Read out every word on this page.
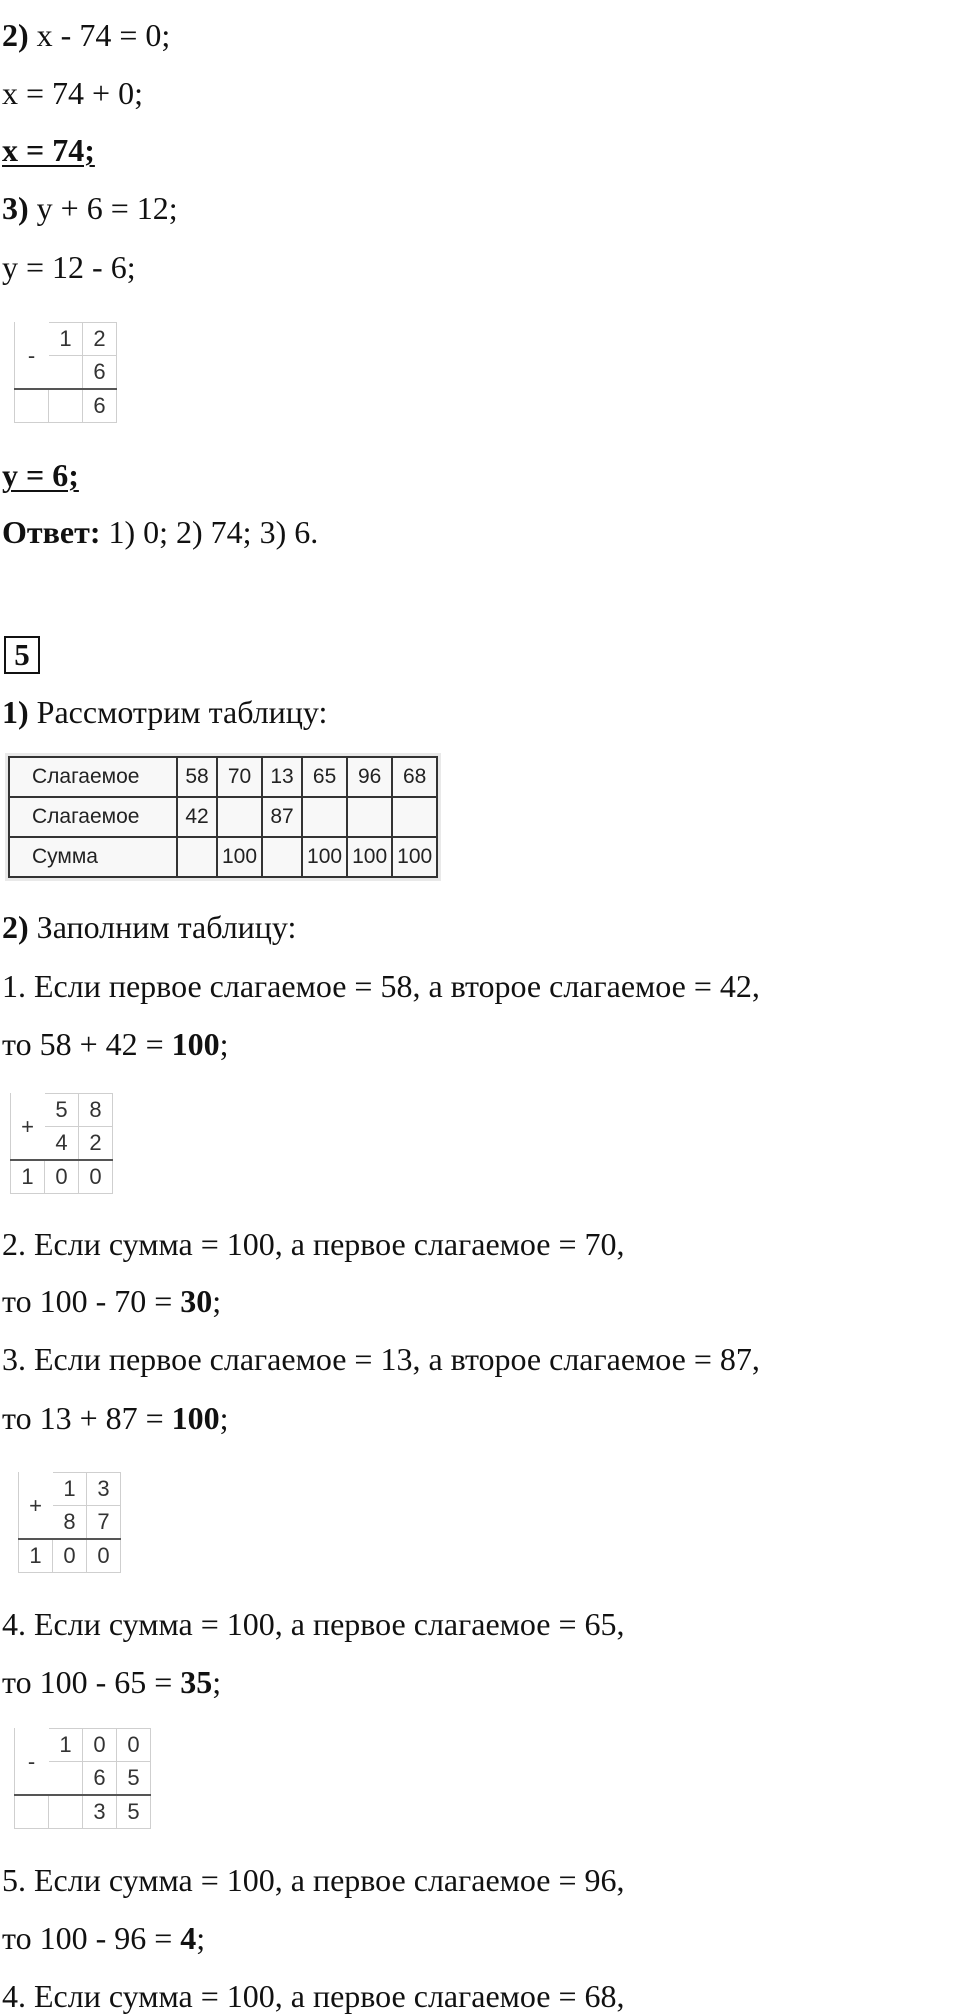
2) x - 74 = 0;
x = 74 + 0;
x = 74;
3) y + 6 = 12;
y = 12 - 6;
-	1	2
		6
		6
y = 6;
Ответ: 1) 0; 2) 74; 3) 6.
5
1) Рассмотрим таблицу:
Слагаемое	58	70	13	65	96	68
Слагаемое	42		87			
Сумма		100		100	100	100
2) Заполним таблицу:
1. Если первое слагаемое = 58, а второе слагаемое = 42,
то 58 + 42 = 100;
+	5	8
	4	2
1	0	0
2. Если сумма = 100, а первое слагаемое = 70,
то 100 - 70 = 30;
3. Если первое слагаемое = 13, а второе слагаемое = 87,
то 13 + 87 = 100;
+	1	3
	8	7
1	0	0
4. Если сумма = 100, а первое слагаемое = 65,
то 100 - 65 = 35;
-	1	0	0
		6	5
		3	5
5. Если сумма = 100, а первое слагаемое = 96,
то 100 - 96 = 4;
4. Если сумма = 100, а первое слагаемое = 68,
